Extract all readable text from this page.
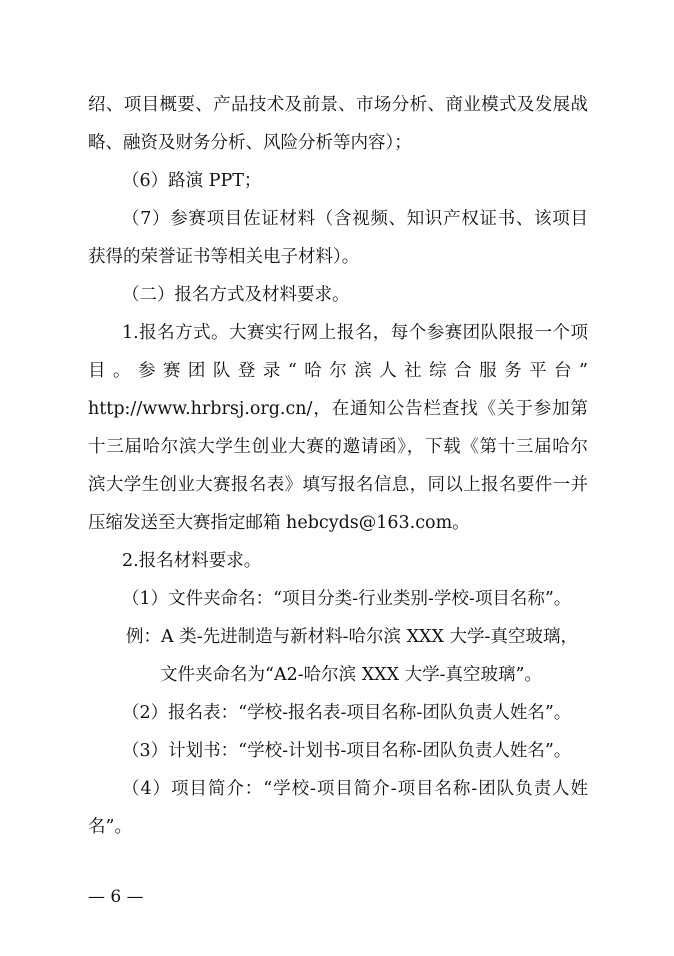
绍、项目概要、产品技术及前景、市场分析、商业模式及发展战
略、融资及财务分析、风险分析等内容）；
（6）路演 PPT；
（7）参赛项目佐证材料（含视频、知识产权证书、该项目
获得的荣誉证书等相关电子材料）。
（二）报名方式及材料要求。
1.报名方式。大赛实行网上报名，每个参赛团队限报一个项
目。参赛团队登录“哈尔滨人社综合服务平台”
http://www.hrbrsj.org.cn/，在通知公告栏查找《关于参加第
十三届哈尔滨大学生创业大赛的邀请函》，下载《第十三届哈尔
滨大学生创业大赛报名表》填写报名信息，同以上报名要件一并
压缩发送至大赛指定邮箱 hebcyds@163.com。
2.报名材料要求。
（1）文件夹命名：“项目分类-行业类别-学校-项目名称”。
例：A 类-先进制造与新材料-哈尔滨 XXX 大学-真空玻璃，
文件夹命名为“A2-哈尔滨 XXX 大学-真空玻璃”。
（2）报名表：“学校-报名表-项目名称-团队负责人姓名”。
（3）计划书：“学校-计划书-项目名称-团队负责人姓名”。
（4）项目简介：“学校-项目简介-项目名称-团队负责人姓
名”。
— 6 —
